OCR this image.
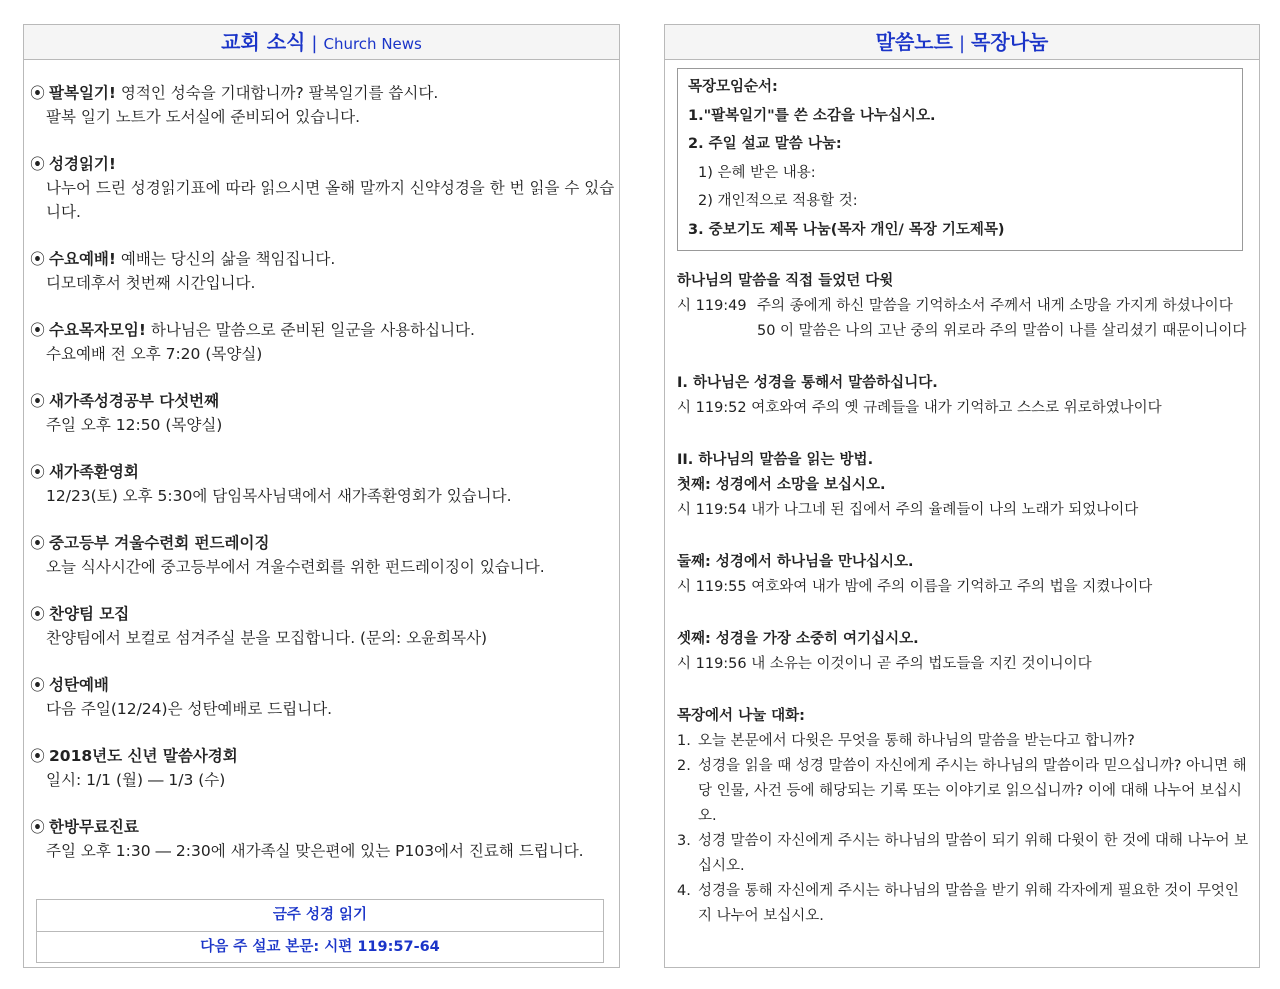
교회 소식 | Church News
⦿ 팔복일기! 영적인 성숙을 기대합니까? 팔복일기를 씁시다.
팔복 일기 노트가 도서실에 준비되어 있습니다.
⦿ 성경읽기!
나누어 드린 성경읽기표에 따라 읽으시면 올해 말까지 신약성경을 한 번 읽을 수 있습니다.
⦿ 수요예배! 예배는 당신의 삶을 책임집니다.
디모데후서 첫번째 시간입니다.
⦿ 수요목자모임! 하나님은 말씀으로 준비된 일군을 사용하십니다.
수요예배 전 오후 7:20 (목양실)
⦿ 새가족성경공부 다섯번째
주일 오후 12:50 (목양실)
⦿ 새가족환영회
12/23(토) 오후 5:30에 담임목사님댁에서 새가족환영회가 있습니다.
⦿ 중고등부 겨울수련회 펀드레이징
오늘 식사시간에 중고등부에서 겨울수련회를 위한 펀드레이징이 있습니다.
⦿ 찬양팀 모집
찬양팀에서 보컬로 섬겨주실 분을 모집합니다. (문의: 오윤희목사)
⦿ 성탄예배
다음 주일(12/24)은 성탄예배로 드립니다.
⦿ 2018년도 신년 말씀사경회
일시: 1/1 (월) ― 1/3 (수)
⦿ 한방무료진료
주일 오후 1:30 ― 2:30에 새가족실 맞은편에 있는 P103에서 진료해 드립니다.
금주 성경 읽기
다음 주 설교 본문: 시편 119:57-64
말씀노트 | 목장나눔
목장모임순서:
1."팔복일기"를 쓴 소감을 나누십시오.
2. 주일 설교 말씀 나눔:
1) 은혜 받은 내용:
2) 개인적으로 적용할 것:
3. 중보기도 제목 나눔(목자 개인/ 목장 기도제목)
하나님의 말씀을 직접 들었던 다윗
시 119:49 주의 종에게 하신 말씀을 기억하소서 주께서 내게 소망을 가지게 하셨나이다 50 이 말씀은 나의 고난 중의 위로라 주의 말씀이 나를 살리셨기 때문이니이다
I. 하나님은 성경을 통해서 말씀하십니다.
시 119:52 여호와여 주의 옛 규례들을 내가 기억하고 스스로 위로하였나이다
II. 하나님의 말씀을 읽는 방법.
첫째: 성경에서 소망을 보십시오.
시 119:54 내가 나그네 된 집에서 주의 율례들이 나의 노래가 되었나이다
둘째: 성경에서 하나님을 만나십시오.
시 119:55 여호와여 내가 밤에 주의 이름을 기억하고 주의 법을 지켰나이다
셋째: 성경을 가장 소중히 여기십시오.
시 119:56 내 소유는 이것이니 곧 주의 법도들을 지킨 것이니이다
목장에서 나눌 대화:
1. 오늘 본문에서 다윗은 무엇을 통해 하나님의 말씀을 받는다고 합니까?
2. 성경을 읽을 때 성경 말씀이 자신에게 주시는 하나님의 말씀이라 믿으십니까? 아니면 해당 인물, 사건 등에 해당되는 기록 또는 이야기로 읽으십니까? 이에 대해 나누어 보십시오.
3. 성경 말씀이 자신에게 주시는 하나님의 말씀이 되기 위해 다윗이 한 것에 대해 나누어 보십시오.
4. 성경을 통해 자신에게 주시는 하나님의 말씀을 받기 위해 각자에게 필요한 것이 무엇인지 나누어 보십시오.
